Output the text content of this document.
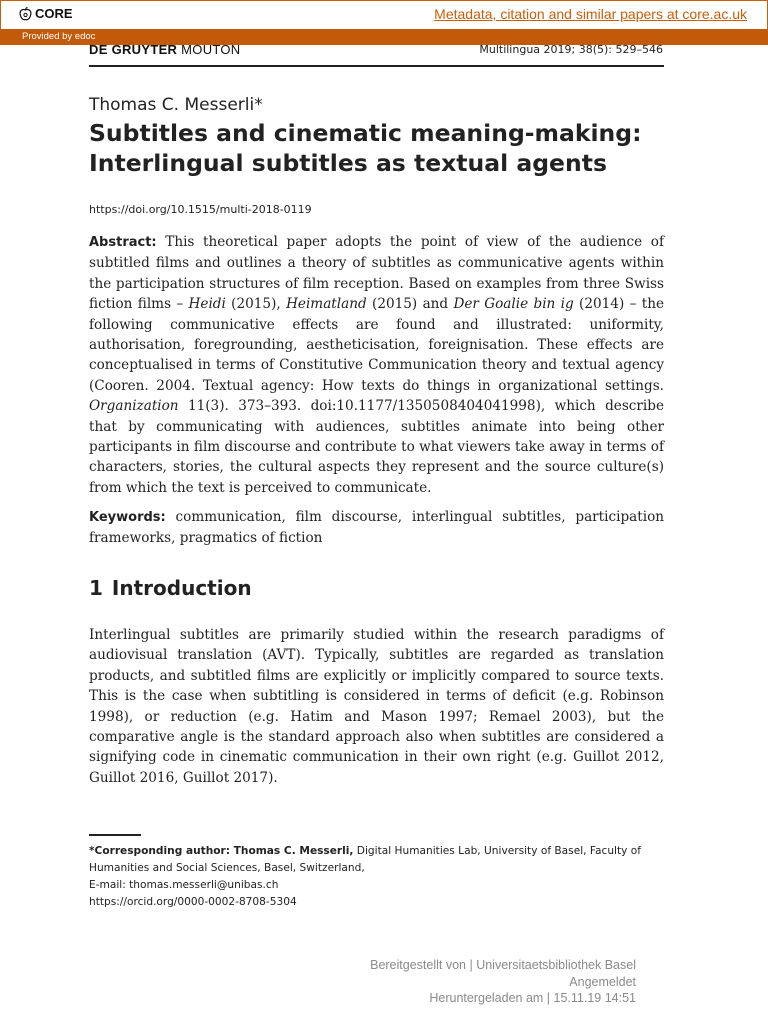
CORE	Metadata, citation and similar papers at core.ac.uk
Provided by edoc
DE GRUYTER MOUTON	Multilingua 2019; 38(5): 529–546
Thomas C. Messerli*
Subtitles and cinematic meaning-making:
Interlingual subtitles as textual agents
https://doi.org/10.1515/multi-2018-0119
Abstract: This theoretical paper adopts the point of view of the audience of subtitled films and outlines a theory of subtitles as communicative agents within the participation structures of film reception. Based on examples from three Swiss fiction films – Heidi (2015), Heimatland (2015) and Der Goalie bin ig (2014) – the following communicative effects are found and illustrated: uniformity, authorisation, foregrounding, aestheticisation, foreignisation. These effects are conceptualised in terms of Constitutive Communication theory and textual agency (Cooren. 2004. Textual agency: How texts do things in organizational settings. Organization 11(3). 373–393. doi:10.1177/1350508404041998), which describe that by communicating with audiences, subtitles animate into being other participants in film discourse and contribute to what viewers take away in terms of characters, stories, the cultural aspects they represent and the source culture(s) from which the text is perceived to communicate.
Keywords: communication, film discourse, interlingual subtitles, participation frameworks, pragmatics of fiction
1 Introduction
Interlingual subtitles are primarily studied within the research paradigms of audiovisual translation (AVT). Typically, subtitles are regarded as translation products, and subtitled films are explicitly or implicitly compared to source texts. This is the case when subtitling is considered in terms of deficit (e.g. Robinson 1998), or reduction (e.g. Hatim and Mason 1997; Remael 2003), but the comparative angle is the standard approach also when subtitles are considered a signifying code in cinematic communication in their own right (e.g. Guillot 2012, Guillot 2016, Guillot 2017).

*Corresponding author: Thomas C. Messerli, Digital Humanities Lab, University of Basel, Faculty of Humanities and Social Sciences, Basel, Switzerland,

E-mail: thomas.messerli@unibas.ch

https://orcid.org/0000-0002-8708-5304

Bereitgestellt von | Universitaetsbibliothek Basel

Angemeldet

Heruntergeladen am | 15.11.19 14:51
